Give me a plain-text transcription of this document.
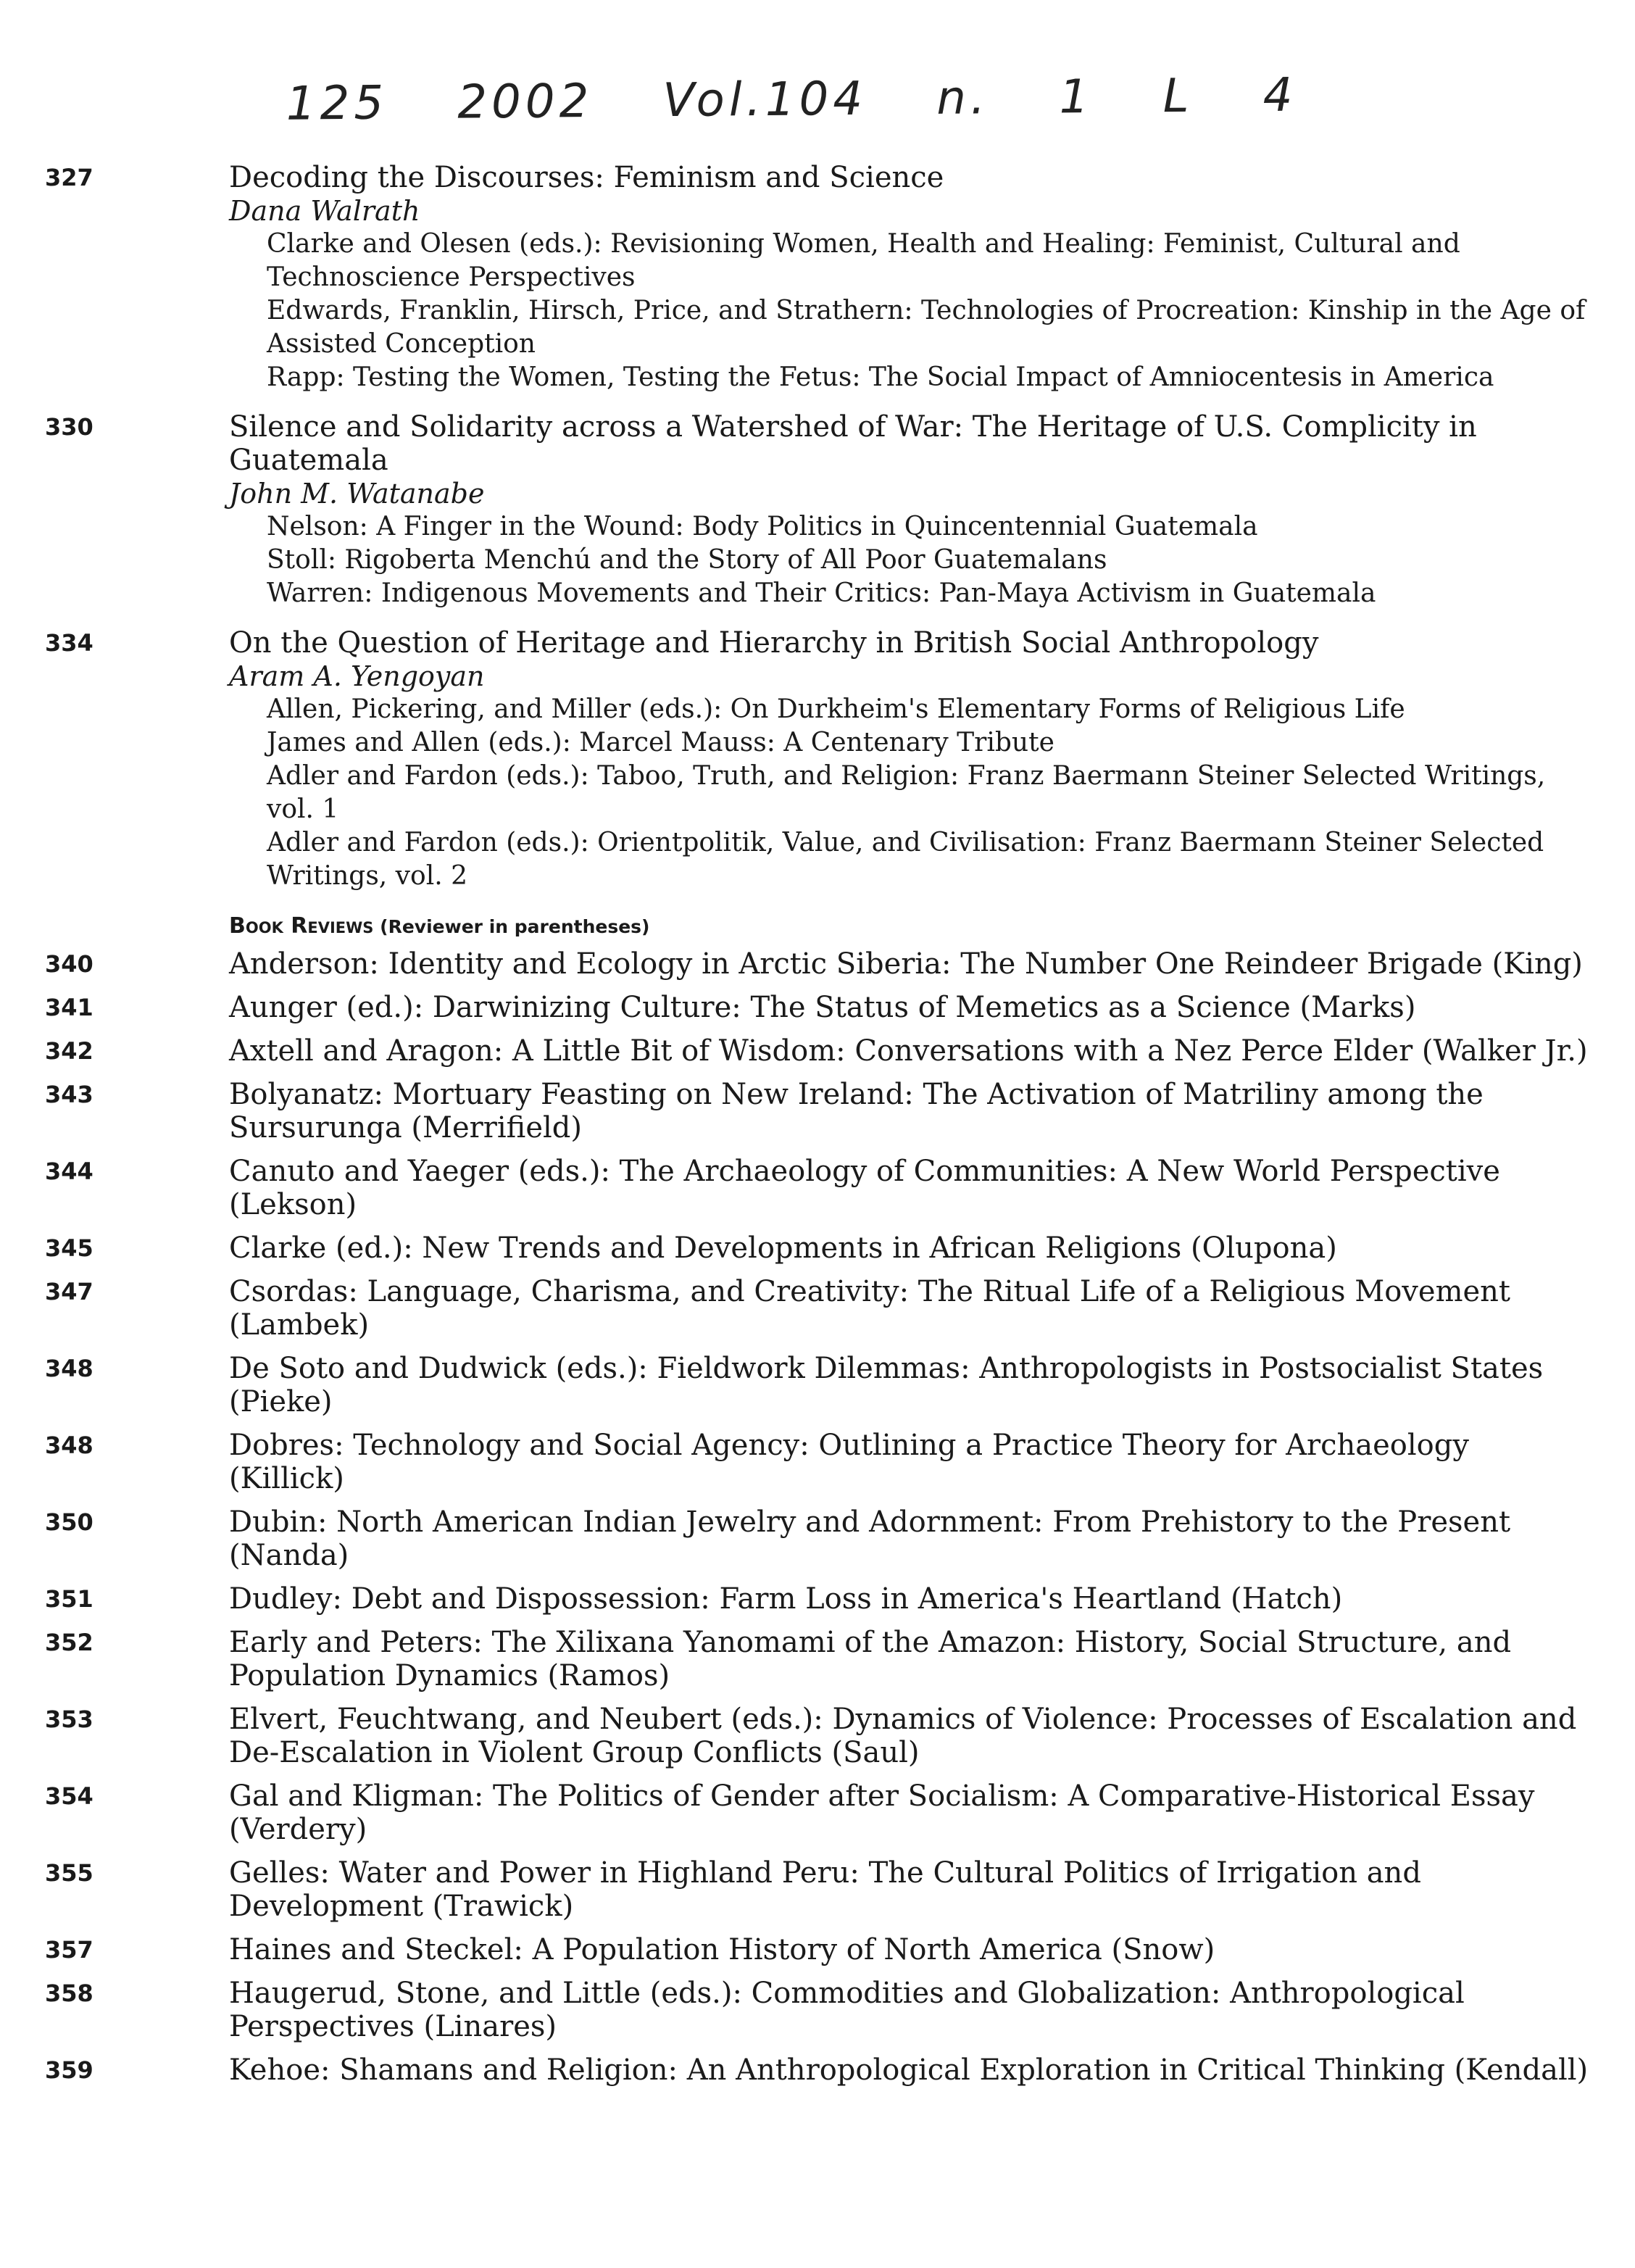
125 2002 Vol.104 n. 1 L 4
327	Decoding the Discourses: Feminism and Science
Dana Walrath
Clarke and Olesen (eds.): Revisioning Women, Health and Healing: Feminist, Cultural and Technoscience Perspectives
Edwards, Franklin, Hirsch, Price, and Strathern: Technologies of Procreation: Kinship in the Age of Assisted Conception
Rapp: Testing the Women, Testing the Fetus: The Social Impact of Amniocentesis in America
330	Silence and Solidarity across a Watershed of War: The Heritage of U.S. Complicity in Guatemala
John M. Watanabe
Nelson: A Finger in the Wound: Body Politics in Quincentennial Guatemala
Stoll: Rigoberta Menchú and the Story of All Poor Guatemalans
Warren: Indigenous Movements and Their Critics: Pan-Maya Activism in Guatemala
334	On the Question of Heritage and Hierarchy in British Social Anthropology
Aram A. Yengoyan
Allen, Pickering, and Miller (eds.): On Durkheim's Elementary Forms of Religious Life
James and Allen (eds.): Marcel Mauss: A Centenary Tribute
Adler and Fardon (eds.): Taboo, Truth, and Religion: Franz Baermann Steiner Selected Writings, vol. 1
Adler and Fardon (eds.): Orientpolitik, Value, and Civilisation: Franz Baermann Steiner Selected Writings, vol. 2
Book Reviews (Reviewer in parentheses)
340	Anderson: Identity and Ecology in Arctic Siberia: The Number One Reindeer Brigade (King)
341	Aunger (ed.): Darwinizing Culture: The Status of Memetics as a Science (Marks)
342	Axtell and Aragon: A Little Bit of Wisdom: Conversations with a Nez Perce Elder (Walker Jr.)
343	Bolyanatz: Mortuary Feasting on New Ireland: The Activation of Matriliny among the Sursurunga (Merrifield)
344	Canuto and Yaeger (eds.): The Archaeology of Communities: A New World Perspective (Lekson)
345	Clarke (ed.): New Trends and Developments in African Religions (Olupona)
347	Csordas: Language, Charisma, and Creativity: The Ritual Life of a Religious Movement (Lambek)
348	De Soto and Dudwick (eds.): Fieldwork Dilemmas: Anthropologists in Postsocialist States (Pieke)
348	Dobres: Technology and Social Agency: Outlining a Practice Theory for Archaeology (Killick)
350	Dubin: North American Indian Jewelry and Adornment: From Prehistory to the Present (Nanda)
351	Dudley: Debt and Dispossession: Farm Loss in America's Heartland (Hatch)
352	Early and Peters: The Xilixana Yanomami of the Amazon: History, Social Structure, and Population Dynamics (Ramos)
353	Elvert, Feuchtwang, and Neubert (eds.): Dynamics of Violence: Processes of Escalation and De-Escalation in Violent Group Conflicts (Saul)
354	Gal and Kligman: The Politics of Gender after Socialism: A Comparative-Historical Essay (Verdery)
355	Gelles: Water and Power in Highland Peru: The Cultural Politics of Irrigation and Development (Trawick)
357	Haines and Steckel: A Population History of North America (Snow)
358	Haugerud, Stone, and Little (eds.): Commodities and Globalization: Anthropological Perspectives (Linares)
359	Kehoe: Shamans and Religion: An Anthropological Exploration in Critical Thinking (Kendall)
